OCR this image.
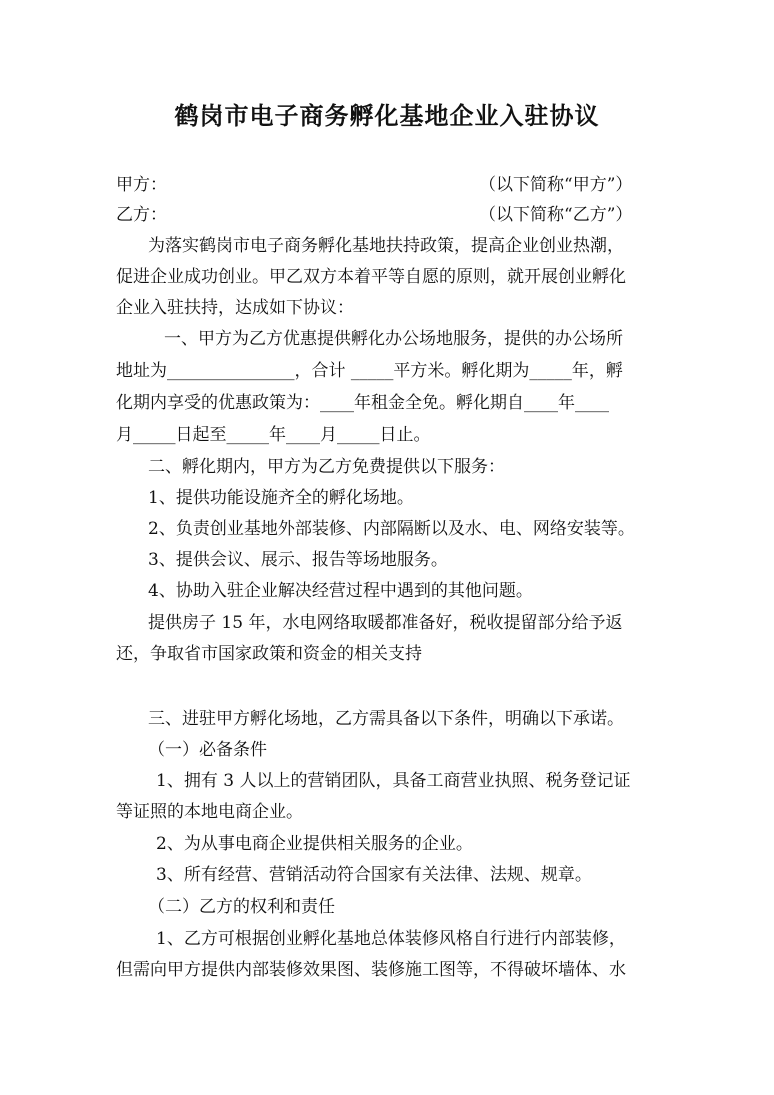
鹤岗市电子商务孵化基地企业入驻协议
甲方：	（以下简称“甲方”）
乙方：	（以下简称“乙方”）
为落实鹤岗市电子商务孵化基地扶持政策，提高企业创业热潮，
促进企业成功创业。甲乙双方本着平等自愿的原则，就开展创业孵化
企业入驻扶持，达成如下协议：
一、甲方为乙方优惠提供孵化办公场地服务，提供的办公场所
地址为_______________，合计 _____平方米。孵化期为_____年，孵
化期内享受的优惠政策为：____年租金全免。孵化期自____年____
月_____日起至_____年____月_____日止。
二、孵化期内，甲方为乙方免费提供以下服务：
1、提供功能设施齐全的孵化场地。
2、负责创业基地外部装修、内部隔断以及水、电、网络安装等。
3、提供会议、展示、报告等场地服务。
4、协助入驻企业解决经营过程中遇到的其他问题。
提供房子 15 年，水电网络取暖都准备好，税收提留部分给予返
还，争取省市国家政策和资金的相关支持
三、进驻甲方孵化场地，乙方需具备以下条件，明确以下承诺。
（一）必备条件
1、拥有 3 人以上的营销团队，具备工商营业执照、税务登记证
等证照的本地电商企业。
2、为从事电商企业提供相关服务的企业。
3、所有经营、营销活动符合国家有关法律、法规、规章。
（二）乙方的权利和责任
1、乙方可根据创业孵化基地总体装修风格自行进行内部装修，
但需向甲方提供内部装修效果图、装修施工图等，不得破坏墙体、水
